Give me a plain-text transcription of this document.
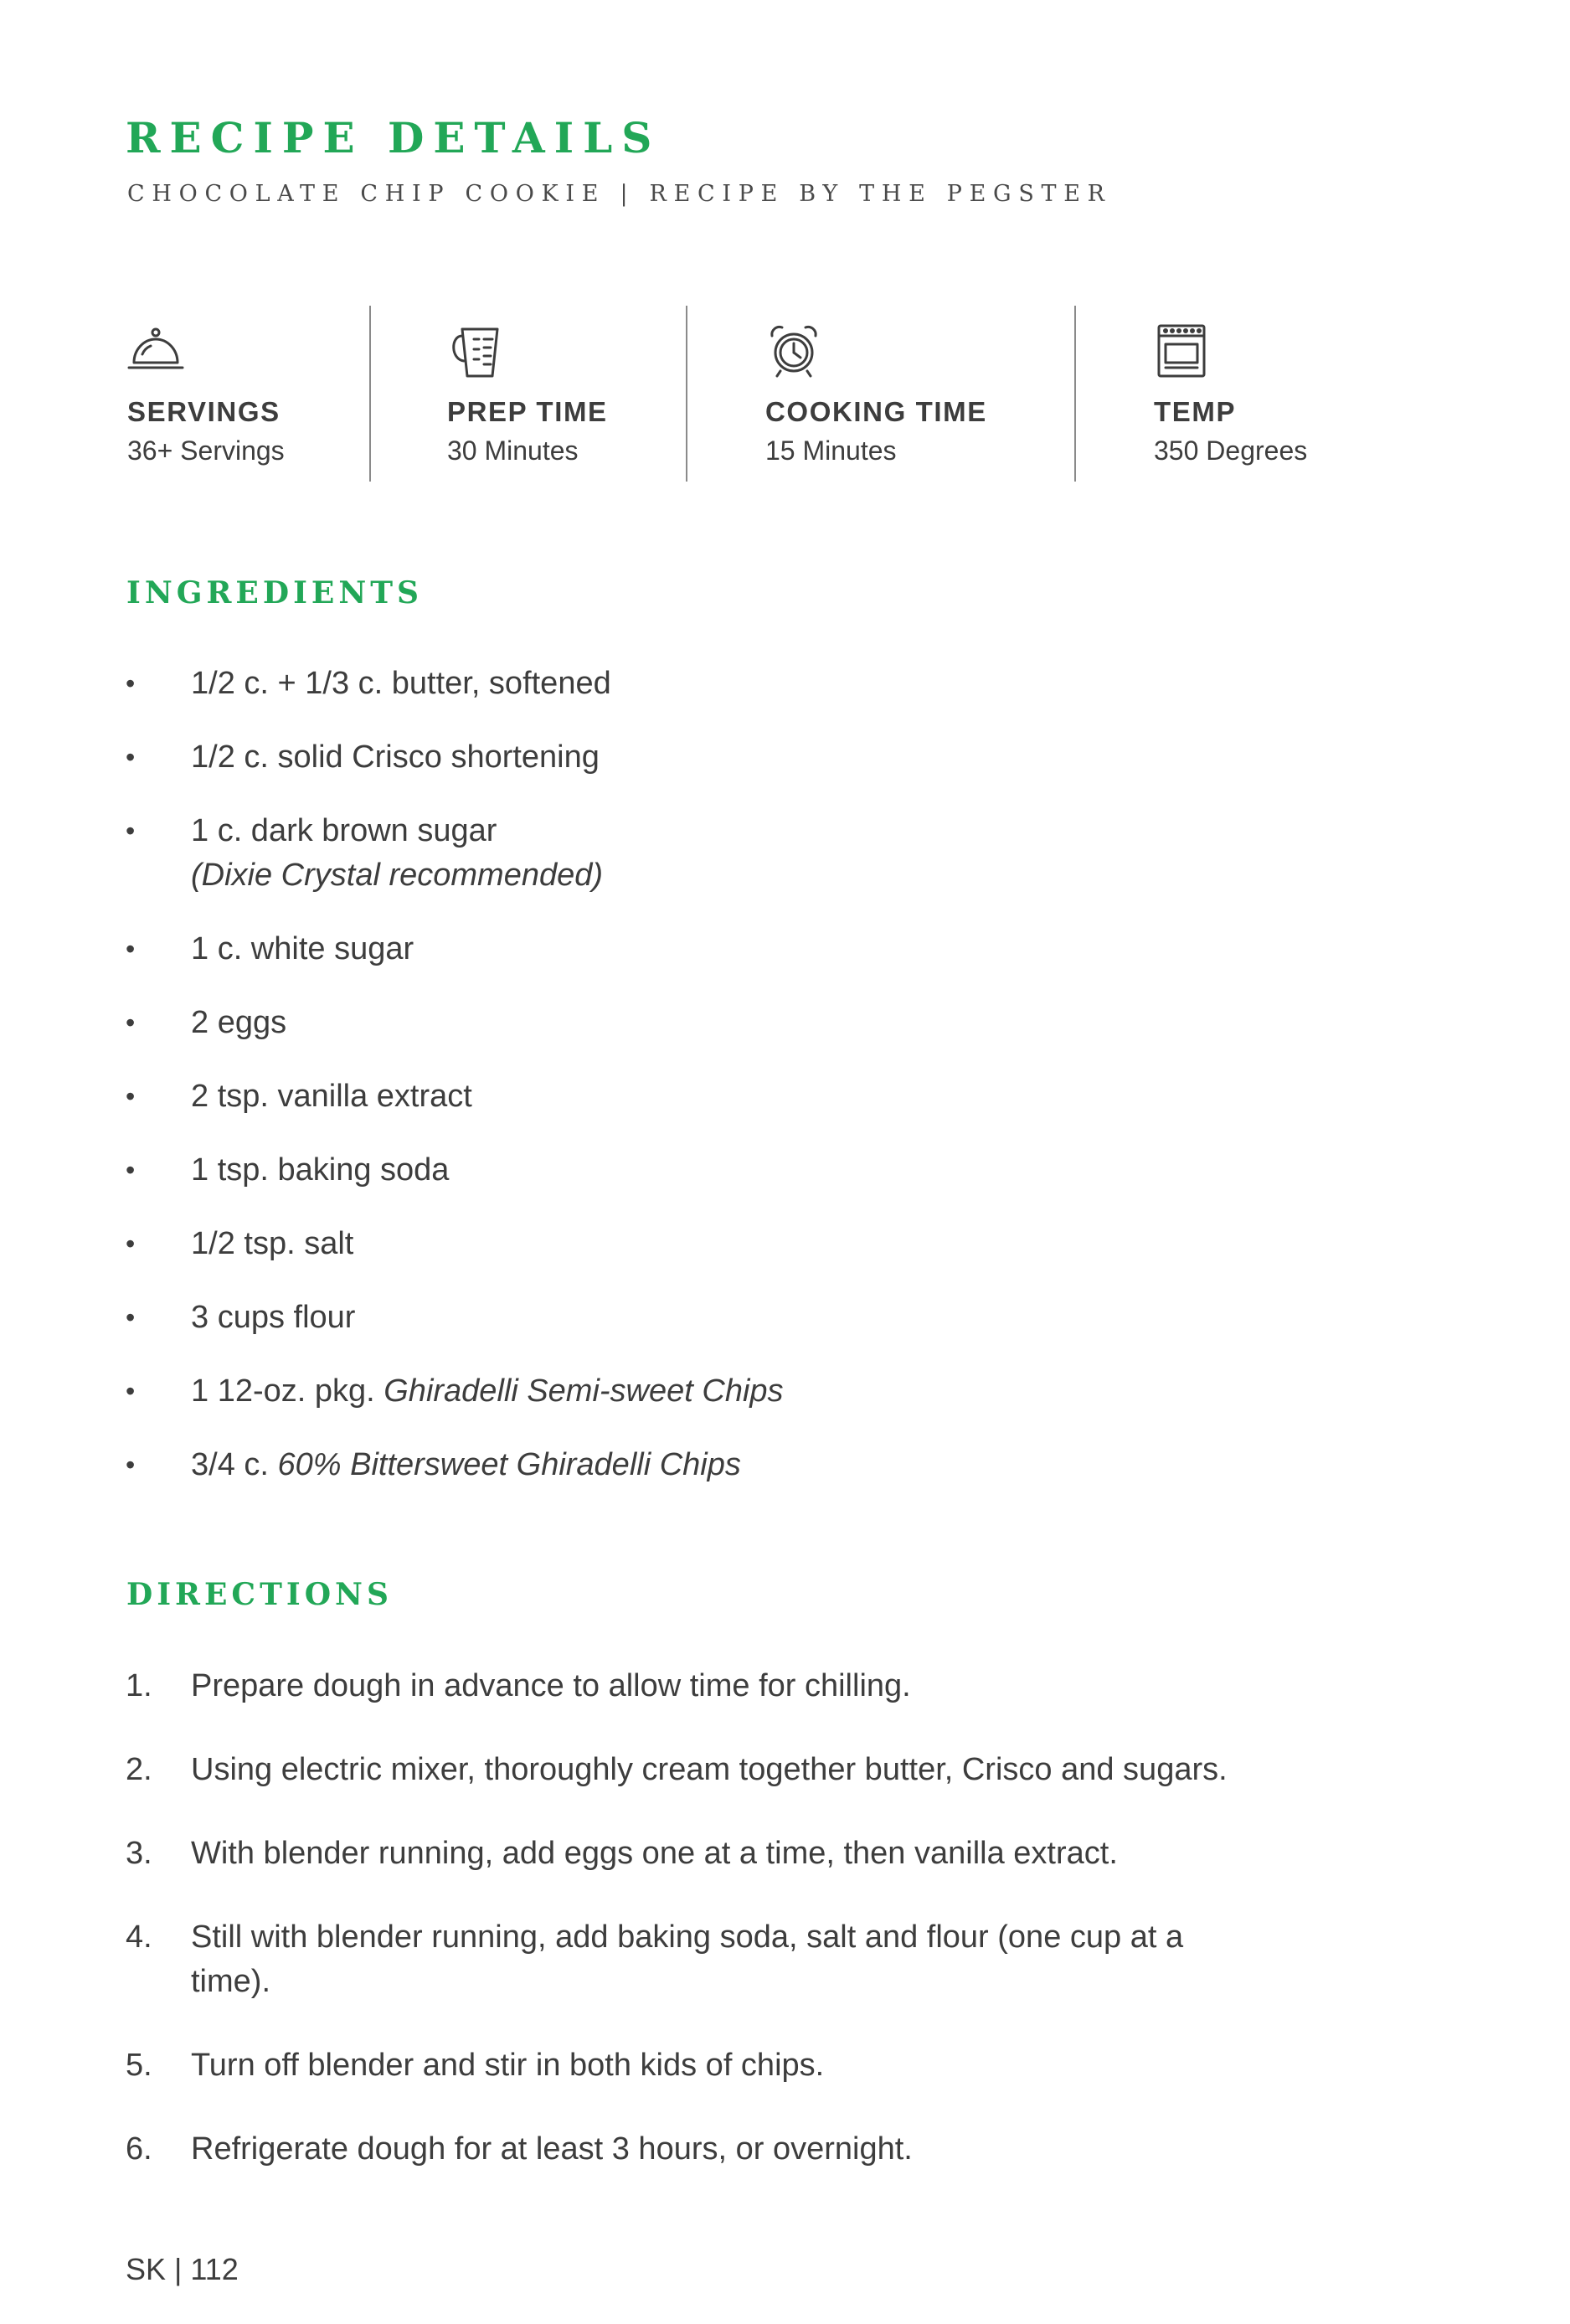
RECIPE DETAILS
CHOCOLATE CHIP COOKIE | RECIPE BY THE PEGSTER
SERVINGS
36+ Servings
PREP TIME
30 Minutes
COOKING TIME
15 Minutes
TEMP
350 Degrees
INGREDIENTS
• 1/2 c. + 1/3 c. butter, softened
• 1/2 c. solid Crisco shortening
• 1 c. dark brown sugar
(Dixie Crystal recommended)
• 1 c. white sugar
• 2 eggs
• 2 tsp. vanilla extract
• 1 tsp. baking soda
• 1/2 tsp. salt
• 3 cups flour
• 1 12-oz. pkg. Ghiradelli Semi-sweet Chips
• 3/4 c. 60% Bittersweet Ghiradelli Chips
DIRECTIONS
1. Prepare dough in advance to allow time for chilling.
2. Using electric mixer, thoroughly cream together butter, Crisco and sugars.
3. With blender running, add eggs one at a time, then vanilla extract.
4. Still with blender running, add baking soda, salt and flour (one cup at a time).
5. Turn off blender and stir in both kids of chips.
6. Refrigerate dough for at least 3 hours, or overnight.
SK | 112
